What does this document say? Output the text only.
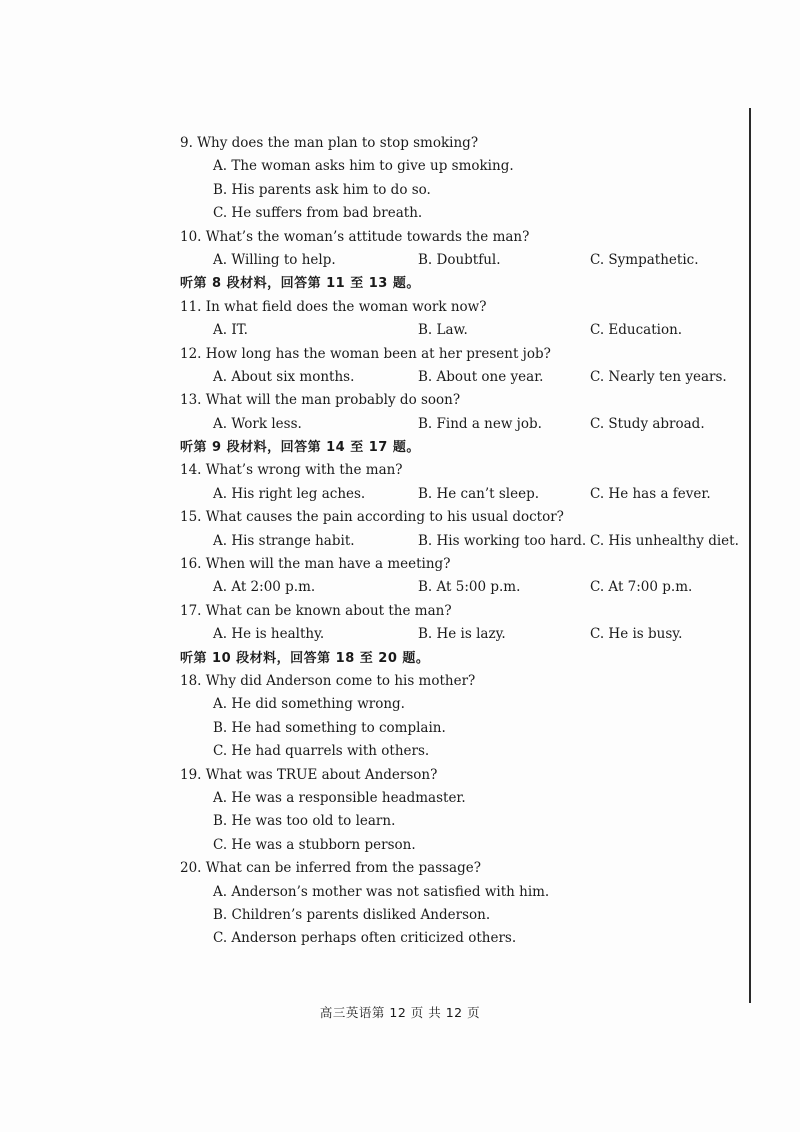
9. Why does the man plan to stop smoking?
A. The woman asks him to give up smoking.
B. His parents ask him to do so.
C. He suffers from bad breath.
10. What’s the woman’s attitude towards the man?
A. Willing to help.	B. Doubtful.	C. Sympathetic.
听第 8 段材料，回答第 11 至 13 题。
11. In what field does the woman work now?
A. IT.	B. Law.	C. Education.
12. How long has the woman been at her present job?
A. About six months.	B. About one year.	C. Nearly ten years.
13. What will the man probably do soon?
A. Work less.	B. Find a new job.	C. Study abroad.
听第 9 段材料，回答第 14 至 17 题。
14. What’s wrong with the man?
A. His right leg aches.	B. He can’t sleep.	C. He has a fever.
15. What causes the pain according to his usual doctor?
A. His strange habit.	B. His working too hard. C. His unhealthy diet.
16. When will the man have a meeting?
A. At 2:00 p.m.	B. At 5:00 p.m.	C. At 7:00 p.m.
17. What can be known about the man?
A. He is healthy.	B. He is lazy.	C. He is busy.
听第 10 段材料，回答第 18 至 20 题。
18. Why did Anderson come to his mother?
A. He did something wrong.
B. He had something to complain.
C. He had quarrels with others.
19. What was TRUE about Anderson?
A. He was a responsible headmaster.
B. He was too old to learn.
C. He was a stubborn person.
20. What can be inferred from the passage?
A. Anderson’s mother was not satisfied with him.
B. Children’s parents disliked Anderson.
C. Anderson perhaps often criticized others.
高三英语第 12 页 共 12 页
